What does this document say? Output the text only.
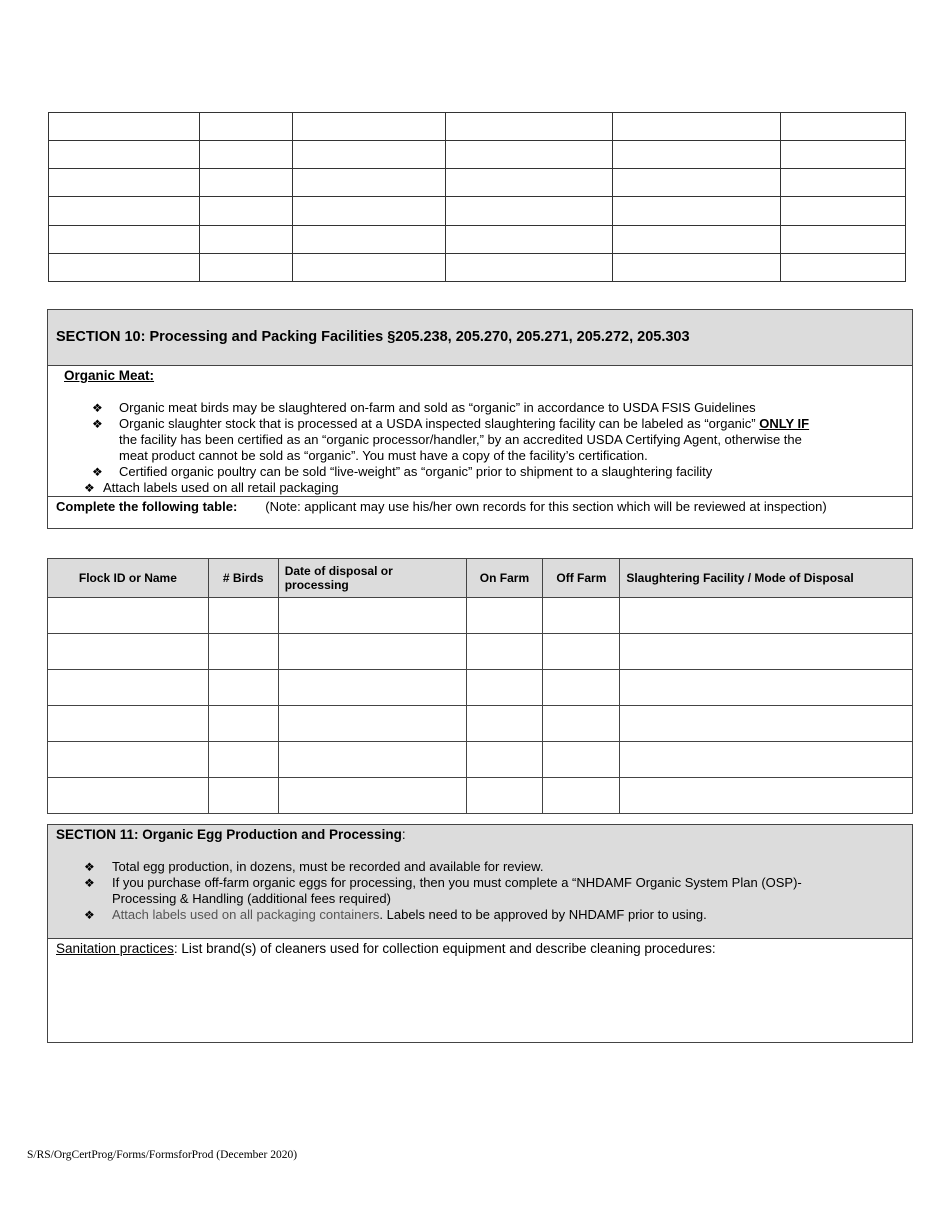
SECTION 10: Processing and Packing Facilities §205.238, 205.270, 205.271, 205.272, 205.303
Organic Meat:
❖ Organic meat birds may be slaughtered on-farm and sold as “organic” in accordance to USDA FSIS Guidelines
❖ Organic slaughter stock that is processed at a USDA inspected slaughtering facility can be labeled as “organic” ONLY IF
the facility has been certified as an “organic processor/handler,” by an accredited USDA Certifying Agent, otherwise the
meat product cannot be sold as “organic”. You must have a copy of the facility’s certification.
❖ Certified organic poultry can be sold “live-weight” as “organic” prior to shipment to a slaughtering facility
❖ Attach labels used on all retail packaging
Complete the following table: (Note: applicant may use his/her own records for this section which will be reviewed at inspection)
Flock ID or Name	# Birds	Date of disposal or processing	On Farm	Off Farm	Slaughtering Facility / Mode of Disposal

SECTION 11: Organic Egg Production and Processing:
❖ Total egg production, in dozens, must be recorded and available for review.
❖ If you purchase off-farm organic eggs for processing, then you must complete a “NHDAMF Organic System Plan (OSP)-
Processing & Handling (additional fees required)
❖ Attach labels used on all packaging containers. Labels need to be approved by NHDAMF prior to using.
Sanitation practices: List brand(s) of cleaners used for collection equipment and describe cleaning procedures:
S/RS/OrgCertProg/Forms/FormsforProd (December 2020)
